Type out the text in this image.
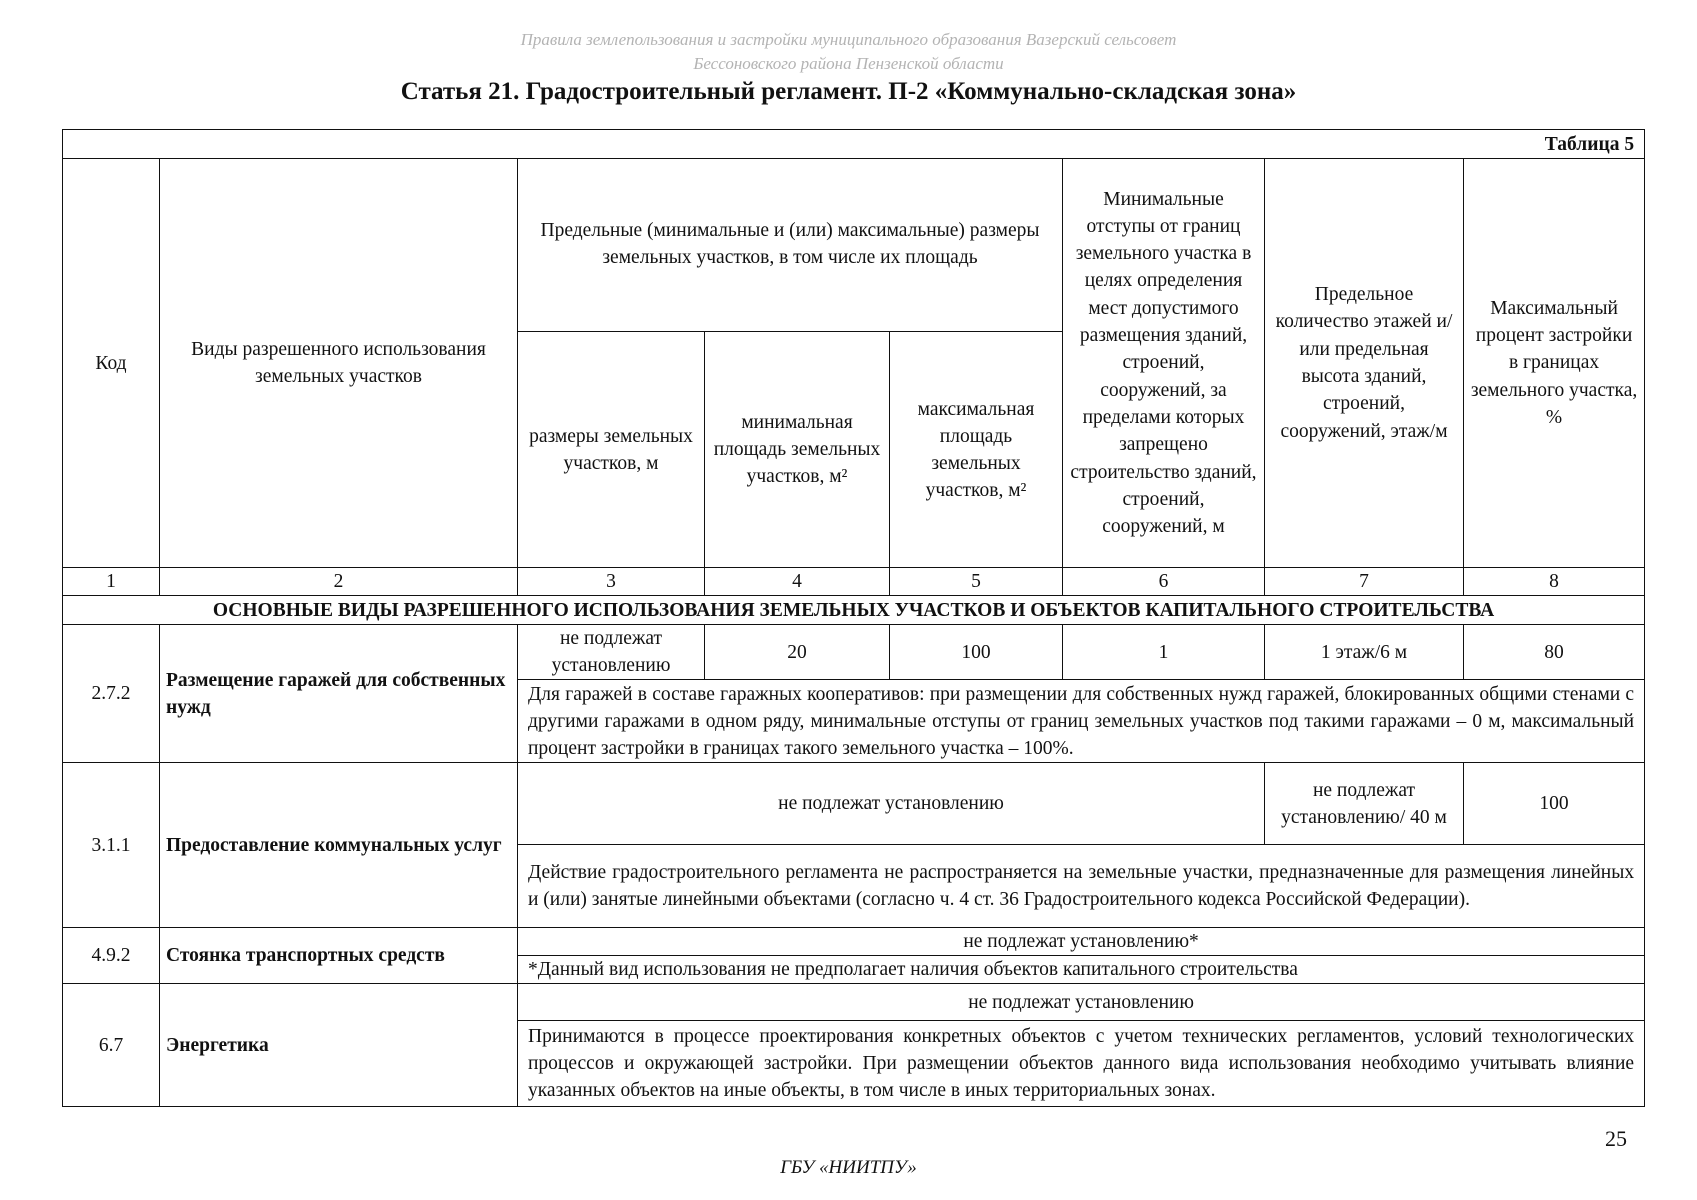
Правила землепользования и застройки муниципального образования Вазерский сельсовет
Бессоновского района Пензенской области
Статья 21. Градостроительный регламент. П-2 «Коммунально-складская зона»
Таблица 5							
Код	Виды разрешенного использования земельных участков	Предельные (минимальные и (или) максимальные) размеры земельных участков, в том числе их площадь			Минимальные отступы от границ земельного участка в целях определения мест допустимого размещения зданий, строений, сооружений, за пределами которых запрещено строительство зданий, строений, сооружений, м	Предельное количество этажей и/или предельная высота зданий, строений, сооружений, этаж/м	Максимальный процент застройки в границах земельного участка, %
		размеры земельных участков, м	минимальная площадь земельных участков, м²	максимальная площадь земельных участков, м²			
1	2	3	4	5	6	7	8
ОСНОВНЫЕ ВИДЫ РАЗРЕШЕННОГО ИСПОЛЬЗОВАНИЯ ЗЕМЕЛЬНЫХ УЧАСТКОВ И ОБЪЕКТОВ КАПИТАЛЬНОГО СТРОИТЕЛЬСТВА							
2.7.2	Размещение гаражей для собственных нужд	не подлежат установлению	20	100	1	1 этаж/6 м	80
		Для гаражей в составе гаражных кооперативов: при размещении для собственных нужд гаражей, блокированных общими стенами с другими гаражами в одном ряду, минимальные отступы от границ земельных участков под такими гаражами – 0 м, максимальный процент застройки в границах такого земельного участка – 100%.					
3.1.1	Предоставление коммунальных услуг	не подлежат установлению				не подлежат установлению/ 40 м	100
		Действие градостроительного регламента не распространяется на земельные участки, предназначенные для размещения линейных и (или) занятые линейными объектами (согласно ч. 4 ст. 36 Градостроительного кодекса Российской Федерации).					
4.9.2	Стоянка транспортных средств	не подлежат установлению*					
		*Данный вид использования не предполагает наличия объектов капитального строительства					
6.7	Энергетика	не подлежат установлению					
		Принимаются в процессе проектирования конкретных объектов с учетом технических регламентов, условий технологических процессов и окружающей застройки. При размещении объектов данного вида использования необходимо учитывать влияние указанных объектов на иные объекты, в том числе в иных территориальных зонах.					
25
ГБУ «НИИТПУ»
